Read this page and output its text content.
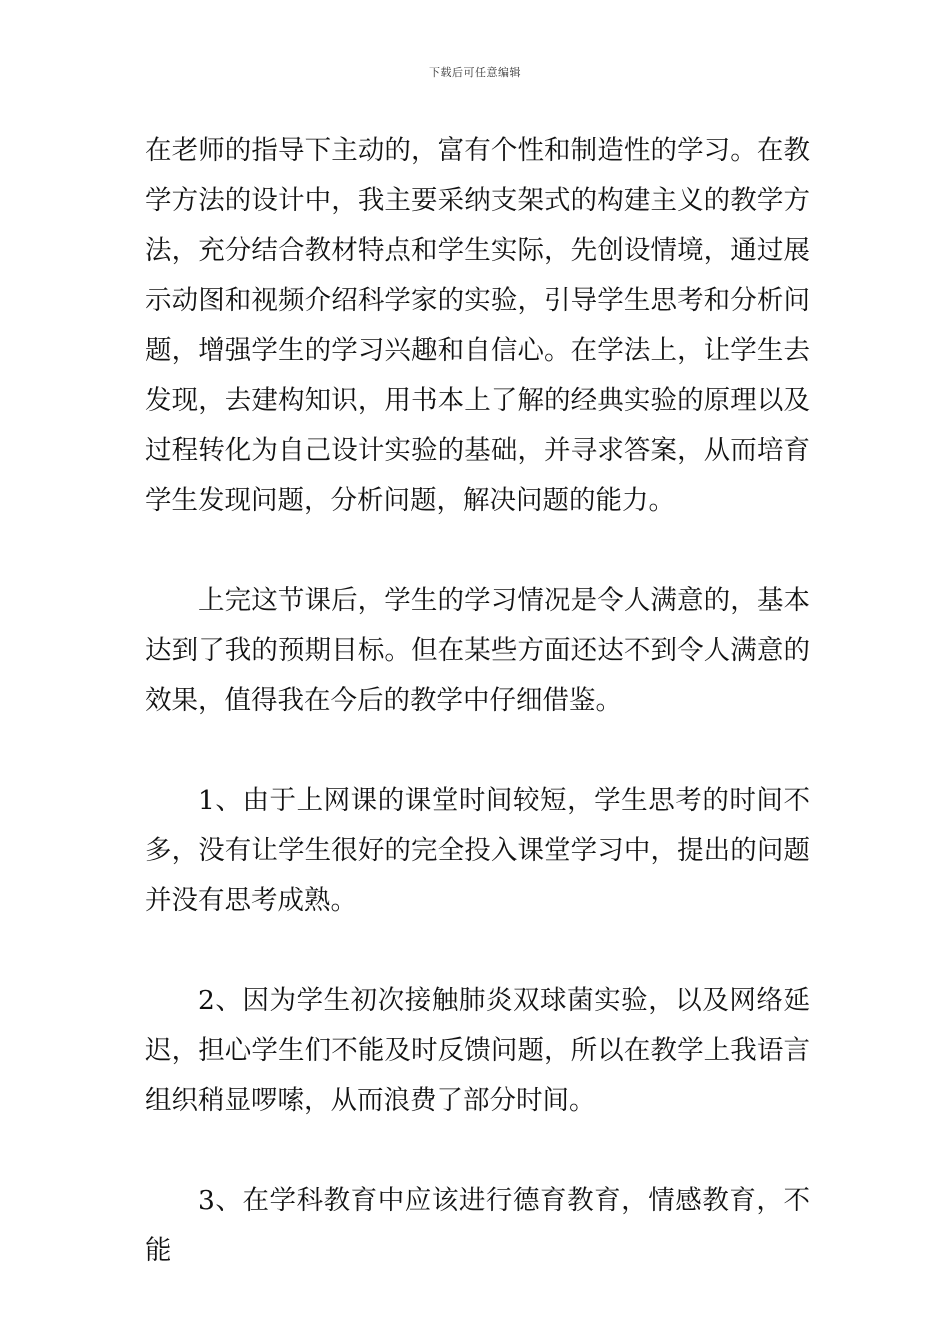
下载后可任意编辑

在老师的指导下主动的，富有个性和制造性的学习。在教学方法的设计中，我主要采纳支架式的构建主义的教学方法，充分结合教材特点和学生实际，先创设情境，通过展示动图和视频介绍科学家的实验，引导学生思考和分析问题，增强学生的学习兴趣和自信心。在学法上，让学生去发现，去建构知识，用书本上了解的经典实验的原理以及过程转化为自己设计实验的基础，并寻求答案，从而培育学生发现问题，分析问题，解决问题的能力。

上完这节课后，学生的学习情况是令人满意的，基本达到了我的预期目标。但在某些方面还达不到令人满意的效果，值得我在今后的教学中仔细借鉴。

1、由于上网课的课堂时间较短，学生思考的时间不多，没有让学生很好的完全投入课堂学习中，提出的问题并没有思考成熟。

2、因为学生初次接触肺炎双球菌实验，以及网络延迟，担心学生们不能及时反馈问题，所以在教学上我语言组织稍显啰嗦，从而浪费了部分时间。

3、在学科教育中应该进行德育教育，情感教育，不能
